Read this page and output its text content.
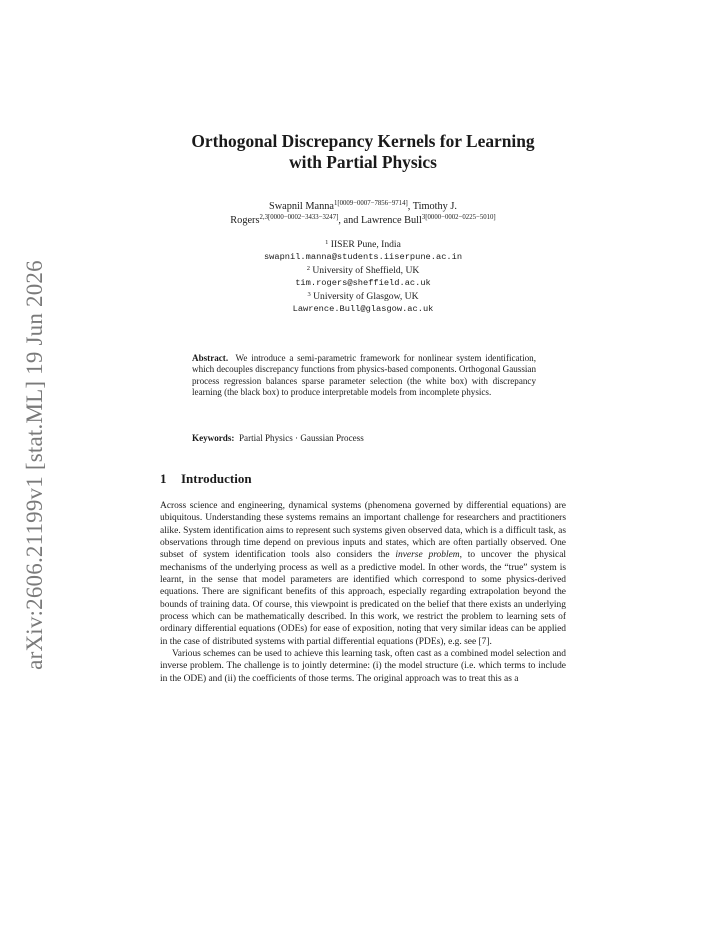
arXiv:2606.21199v1 [stat.ML] 19 Jun 2026
Orthogonal Discrepancy Kernels for Learning
with Partial Physics
Swapnil Manna$^{1[0009-0007-7856-9714]}$, Timothy J.
Rogers$^{2,3[0000-0002-3433-3247]}$, and Lawrence Bull$^{3[0000-0002-0225-5010]}$
$^1$ IISER Pune, India
swapnil.manna@students.iiserpune.ac.in
$^2$ University of Sheffield, UK
tim.rogers@sheffield.ac.uk
$^3$ University of Glasgow, UK
Lawrence.Bull@glasgow.ac.uk
Abstract. We introduce a semi-parametric framework for nonlinear system identification, which decouples discrepancy functions from physics-based components. Orthogonal Gaussian process regression balances sparse parameter selection (the white box) with discrepancy learning (the black box) to produce interpretable models from incomplete physics.
Keywords: Partial Physics · Gaussian Process
1 Introduction

Across science and engineering, dynamical systems (phenomena governed by differential equations) are ubiquitous. Understanding these systems remains an important challenge for researchers and practitioners alike. System identification aims to represent such systems given observed data, which is a difficult task, as observations through time depend on previous inputs and states, which are often partially observed. One subset of system identification tools also considers the inverse problem, to uncover the physical mechanisms of the underlying process as well as a predictive model. In other words, the “true” system is learnt, in the sense that model parameters are identified which correspond to some physics-derived equations. There are significant benefits of this approach, especially regarding extrapolation beyond the bounds of training data. Of course, this viewpoint is predicated on the belief that there exists an underlying process which can be mathematically described. In this work, we restrict the problem to learning sets of ordinary differential equations (ODEs) for ease of exposition, noting that very similar ideas can be applied in the case of distributed systems with partial differential equations (PDEs), e.g. see [7].

Various schemes can be used to achieve this learning task, often cast as a combined model selection and inverse problem. The challenge is to jointly determine: (i) the model structure (i.e. which terms to include in the ODE) and (ii) the coefficients of those terms. The original approach was to treat this as a
